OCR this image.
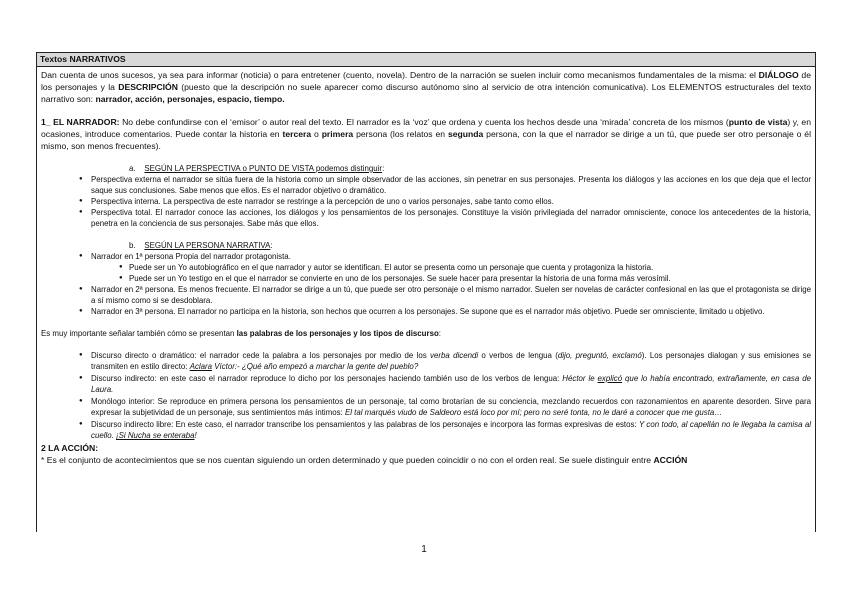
Textos NARRATIVOS

Dan cuenta de unos sucesos, ya sea para informar (noticia) o para entretener (cuento, novela). Dentro de la narración se suelen incluir como mecanismos fundamentales de la misma: el DIÁLOGO de los personajes y la DESCRIPCIÓN (puesto que la descripción no suele aparecer como discurso autónomo sino al servicio de otra intención comunicativa). Los ELEMENTOS estructurales del texto narrativo son: narrador, acción, personajes, espacio, tiempo.

1_ EL NARRADOR: No debe confundirse con el ‘emisor’ o autor real del texto. El narrador es la ‘voz’ que ordena y cuenta los hechos desde una ‘mirada’ concreta de los mismos (punto de vista) y, en ocasiones, introduce comentarios. Puede contar la historia en tercera o primera persona (los relatos en segunda persona, con la que el narrador se dirige a un tú, que puede ser otro personaje o él mismo, son menos frecuentes).

a. SEGÚN LA PERSPECTIVA o PUNTO DE VISTA podemos distinguir:

● Perspectiva externa el narrador se sitúa fuera de la historia como un simple observador de las acciones, sin penetrar en sus personajes. Presenta los diálogos y las acciones en los que deja que el lector saque sus conclusiones. Sabe menos que ellos. Es el narrador objetivo o dramático.
● Perspectiva interna. La perspectiva de este narrador se restringe a la percepción de uno o varios personajes, sabe tanto como ellos.
● Perspectiva total. El narrador conoce las acciones, los diálogos y los pensamientos de los personajes. Constituye la visión privilegiada del narrador omnisciente, conoce los antecedentes de la historia, penetra en la conciencia de sus personajes. Sabe más que ellos.

b. SEGÚN LA PERSONA NARRATIVA:

● Narrador en 1ª persona Propia del narrador protagonista.
● Puede ser un Yo autobiográfico en el que narrador y autor se identifican. El autor se presenta como un personaje que cuenta y protagoniza la historia.
● Puede ser un Yo testigo en el que el narrador se convierte en uno de los personajes. Se suele hacer para presentar la historia de una forma más verosímil.
● Narrador en 2ª persona. Es menos frecuente. El narrador se dirige a un tú, que puede ser otro personaje o el mismo narrador. Suelen ser novelas de carácter confesional en las que el protagonista se dirige a sí mismo como si se desdoblara.
● Narrador en 3ª persona. El narrador no participa en la historia, son hechos que ocurren a los personajes. Se supone que es el narrador más objetivo. Puede ser omnisciente, limitado u objetivo.

Es muy importante señalar también cómo se presentan las palabras de los personajes y los tipos de discurso:

● Discurso directo o dramático: el narrador cede la palabra a los personajes por medio de los verba dicendi o verbos de lengua (dijo, preguntó, exclamó). Los personajes dialogan y sus emisiones se transmiten en estilo directo: Aclara Víctor:- ¿Qué año empezó a marchar la gente del pueblo?
● Discurso indirecto: en este caso el narrador reproduce lo dicho por los personajes haciendo también uso de los verbos de lengua: Héctor le explicó que lo había encontrado, extrañamente, en casa de Laura.
● Monólogo interior: Se reproduce en primera persona los pensamientos de un personaje, tal como brotarían de su conciencia, mezclando recuerdos con razonamientos en aparente desorden. Sirve para expresar la subjetividad de un personaje, sus sentimientos más íntimos: El tal marqués viudo de Saldeoro está loco por mí; pero no seré tonta, no le daré a conocer que me gusta…
● Discurso indirecto libre: En este caso, el narrador transcribe los pensamientos y las palabras de los personajes e incorpora las formas expresivas de estos: Y con todo, al capellán no le llegaba la camisa al cuello. ¡Si Nucha se enteraba!

2 LA ACCIÓN:

* Es el conjunto de acontecimientos que se nos cuentan siguiendo un orden determinado y que pueden coincidir o no con el orden real. Se suele distinguir entre ACCIÓN

1
